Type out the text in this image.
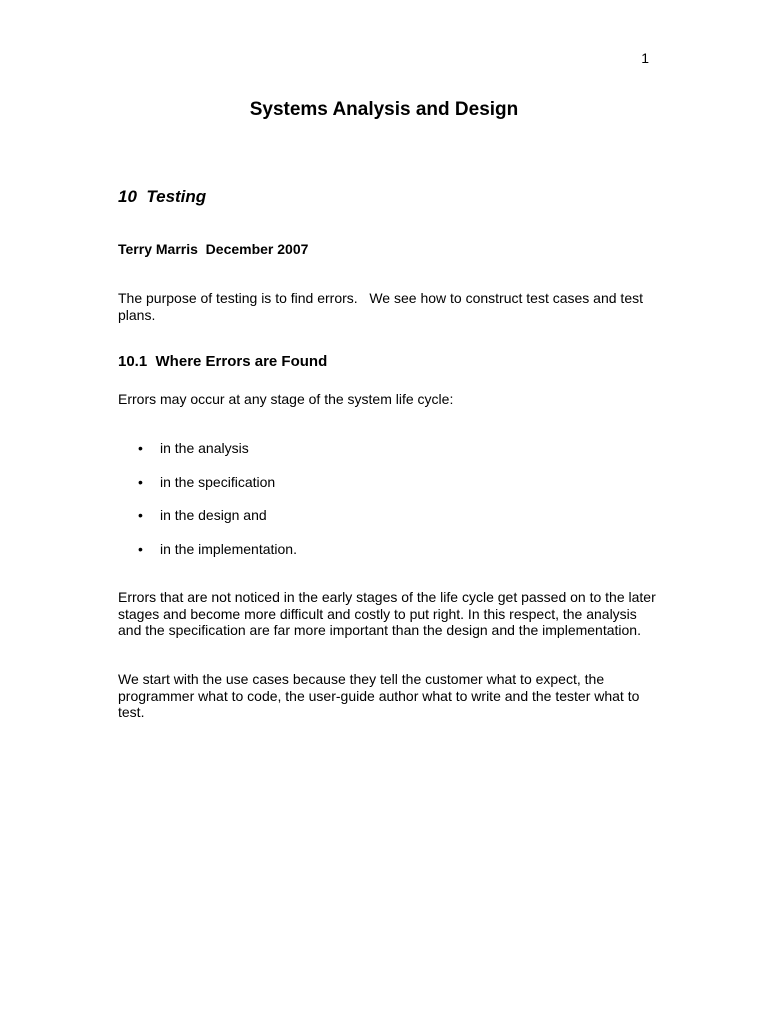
1
Systems Analysis and Design
10  Testing
Terry Marris  December 2007

The purpose of testing is to find errors.   We see how to construct test cases and test plans.

10.1  Where Errors are Found

Errors may occur at any stage of the system life cycle:

• in the analysis
• in the specification
• in the design and
• in the implementation.

Errors that are not noticed in the early stages of the life cycle get passed on to the later stages and become more difficult and costly to put right. In this respect, the analysis and the specification are far more important than the design and the implementation.

We start with the use cases because they tell the customer what to expect, the programmer what to code, the user-guide author what to write and the tester what to test.
